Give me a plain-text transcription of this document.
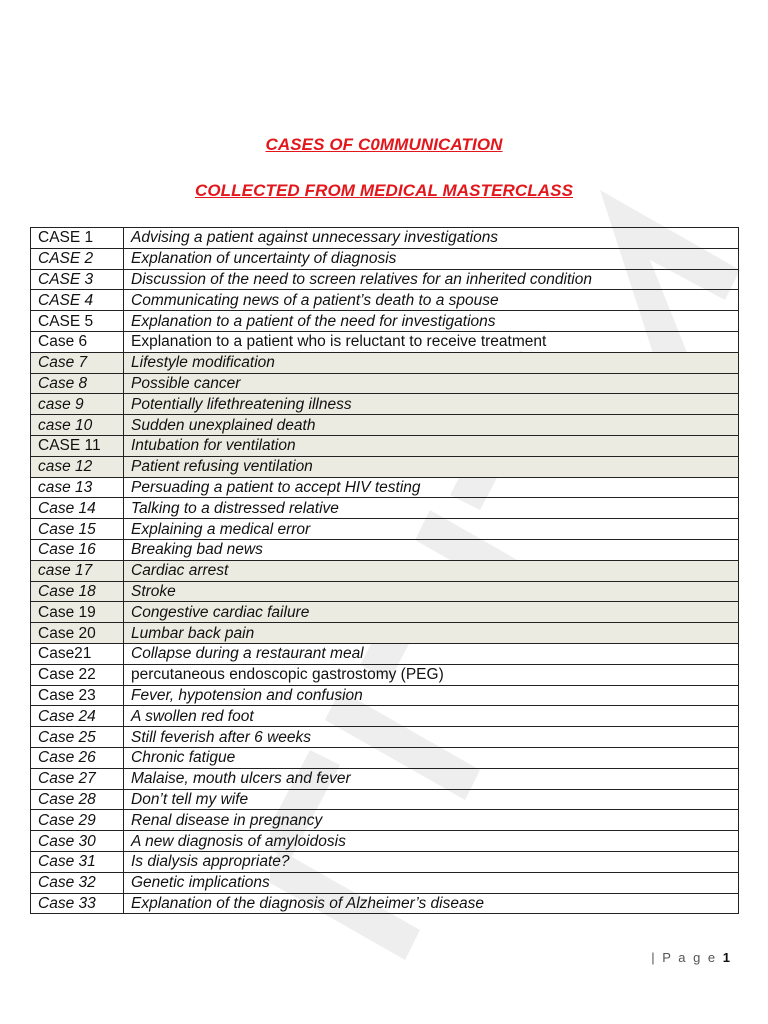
CASES OF C0MMUNICATION
COLLECTED FROM MEDICAL MASTERCLASS
CASE 1	Advising a patient against unnecessary investigations
CASE 2	Explanation of uncertainty of diagnosis
CASE 3	Discussion of the need to screen relatives for an inherited condition
CASE 4	Communicating news of a patient’s death to a spouse
CASE 5	Explanation to a patient of the need for investigations
Case 6	Explanation to a patient who is reluctant to receive treatment
Case 7	Lifestyle modification
Case 8	Possible cancer
case 9	Potentially lifethreatening illness
case 10	Sudden unexplained death
CASE 11	Intubation for ventilation
case 12	Patient refusing ventilation
case 13	Persuading a patient to accept HIV testing
Case 14	Talking to a distressed relative
Case 15	Explaining a medical error
Case 16	Breaking bad news
case 17	Cardiac arrest
Case 18	Stroke
Case 19	Congestive cardiac failure
Case 20	Lumbar back pain
Case21	Collapse during a restaurant meal
Case 22	percutaneous endoscopic gastrostomy (PEG)
Case 23	Fever, hypotension and confusion
Case 24	A swollen red foot
Case 25	Still feverish after 6 weeks
Case 26	Chronic fatigue
Case 27	Malaise, mouth ulcers and fever
Case 28	Don’t tell my wife
Case 29	Renal disease in pregnancy
Case 30	A new diagnosis of amyloidosis
Case 31	Is dialysis appropriate?
Case 32	Genetic implications
Case 33	Explanation of the diagnosis of Alzheimer’s disease
| P a g e 1
